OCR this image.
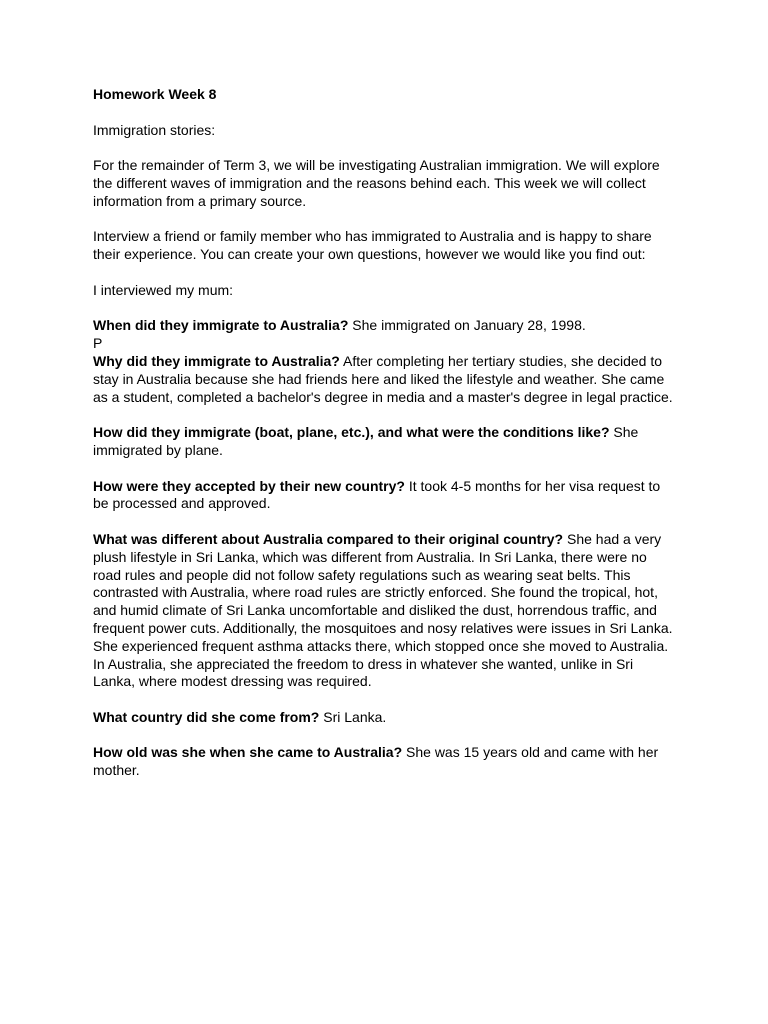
Homework Week 8

Immigration stories:

For the remainder of Term 3, we will be investigating Australian immigration. We will explore the different waves of immigration and the reasons behind each. This week we will collect information from a primary source.

Interview a friend or family member who has immigrated to Australia and is happy to share their experience. You can create your own questions, however we would like you find out:

I interviewed my mum:

When did they immigrate to Australia? She immigrated on January 28, 1998.

P

Why did they immigrate to Australia? After completing her tertiary studies, she decided to stay in Australia because she had friends here and liked the lifestyle and weather. She came as a student, completed a bachelor's degree in media and a master's degree in legal practice.

How did they immigrate (boat, plane, etc.), and what were the conditions like? She immigrated by plane.

How were they accepted by their new country? It took 4-5 months for her visa request to be processed and approved.

What was different about Australia compared to their original country? She had a very plush lifestyle in Sri Lanka, which was different from Australia. In Sri Lanka, there were no road rules and people did not follow safety regulations such as wearing seat belts. This contrasted with Australia, where road rules are strictly enforced. She found the tropical, hot, and humid climate of Sri Lanka uncomfortable and disliked the dust, horrendous traffic, and frequent power cuts. Additionally, the mosquitoes and nosy relatives were issues in Sri Lanka. She experienced frequent asthma attacks there, which stopped once she moved to Australia. In Australia, she appreciated the freedom to dress in whatever she wanted, unlike in Sri Lanka, where modest dressing was required.

What country did she come from? Sri Lanka.

How old was she when she came to Australia? She was 15 years old and came with her mother.
